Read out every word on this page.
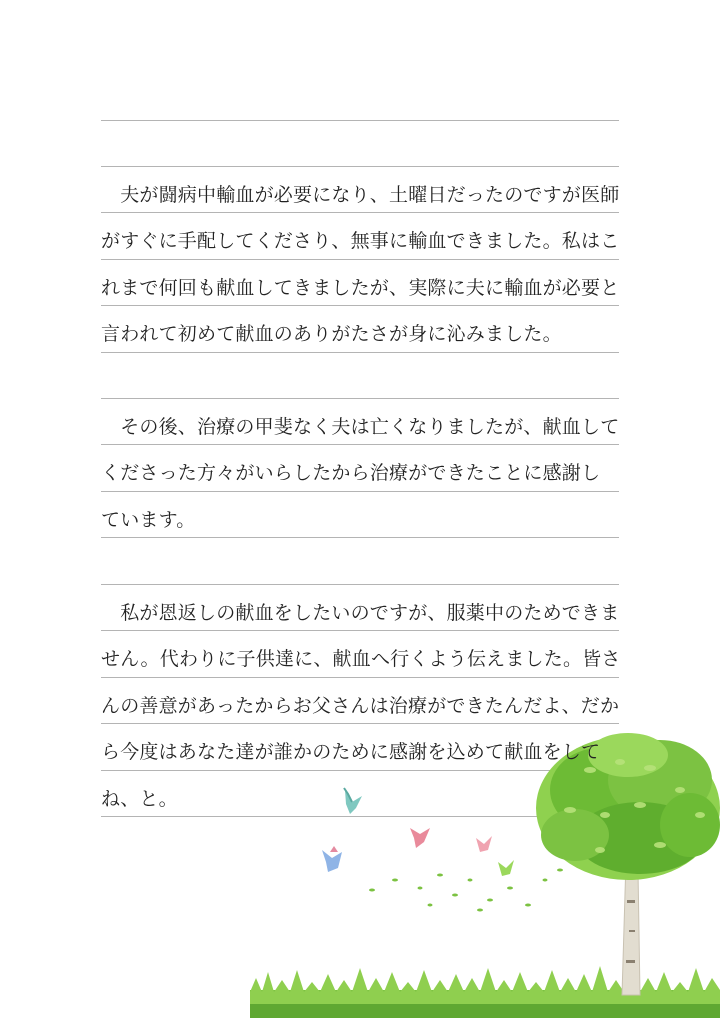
　夫が闘病中輸血が必要になり、土曜日だったのですが医師
がすぐに手配してくださり、無事に輸血できました。私はこ
れまで何回も献血してきましたが、実際に夫に輸血が必要と
言われて初めて献血のありがたさが身に沁みました。
　その後、治療の甲斐なく夫は亡くなりましたが、献血して
くださった方々がいらしたから治療ができたことに感謝し
ています。
　私が恩返しの献血をしたいのですが、服薬中のためできま
せん。代わりに子供達に、献血へ行くよう伝えました。皆さ
んの善意があったからお父さんは治療ができたんだよ、だか
ら今度はあなた達が誰かのために感謝を込めて献血をして
ね、と。
